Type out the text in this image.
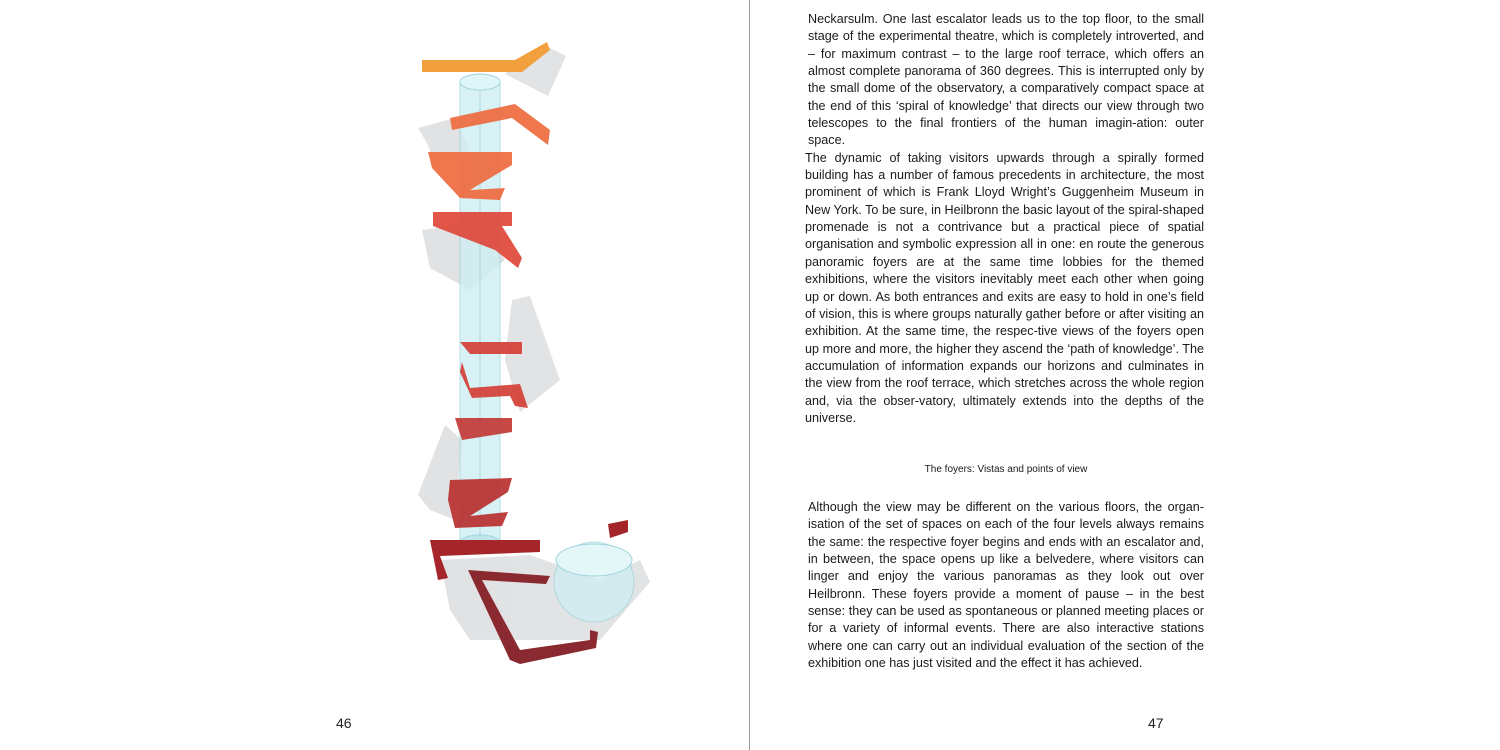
46

Neckarsulm. One last escalator leads us to the top floor, to the small stage of the experimental theatre, which is completely introverted, and – for maximum contrast – to the large roof terrace, which offers an almost complete panorama of 360 degrees. This is interrupted only by the small dome of the observatory, a comparatively compact space at the end of this ‘spiral of knowledge’ that directs our view through two telescopes to the final frontiers of the human imagin-ation: outer space.

The dynamic of taking visitors upwards through a spirally formed building has a number of famous precedents in architecture, the most prominent of which is Frank Lloyd Wright’s Guggenheim Museum in New York. To be sure, in Heilbronn the basic layout of the spiral-shaped promenade is not a contrivance but a practical piece of spatial organisation and symbolic expression all in one: en route the generous panoramic foyers are at the same time lobbies for the themed exhibitions, where the visitors inevitably meet each other when going up or down. As both entrances and exits are easy to hold in one’s field of vision, this is where groups naturally gather before or after visiting an exhibition. At the same time, the respec-tive views of the foyers open up more and more, the higher they ascend the ‘path of knowledge’. The accumulation of information expands our horizons and culminates in the view from the roof terrace, which stretches across the whole region and, via the obser-vatory, ultimately extends into the depths of the universe.

The foyers: Vistas and points of view

Although the view may be different on the various floors, the organ-isation of the set of spaces on each of the four levels always remains the same: the respective foyer begins and ends with an escalator and, in between, the space opens up like a belvedere, where visitors can linger and enjoy the various panoramas as they look out over Heilbronn. These foyers provide a moment of pause – in the best sense: they can be used as spontaneous or planned meeting places or for a variety of informal events. There are also interactive stations where one can carry out an individual evaluation of the section of the exhibition one has just visited and the effect it has achieved.

47
